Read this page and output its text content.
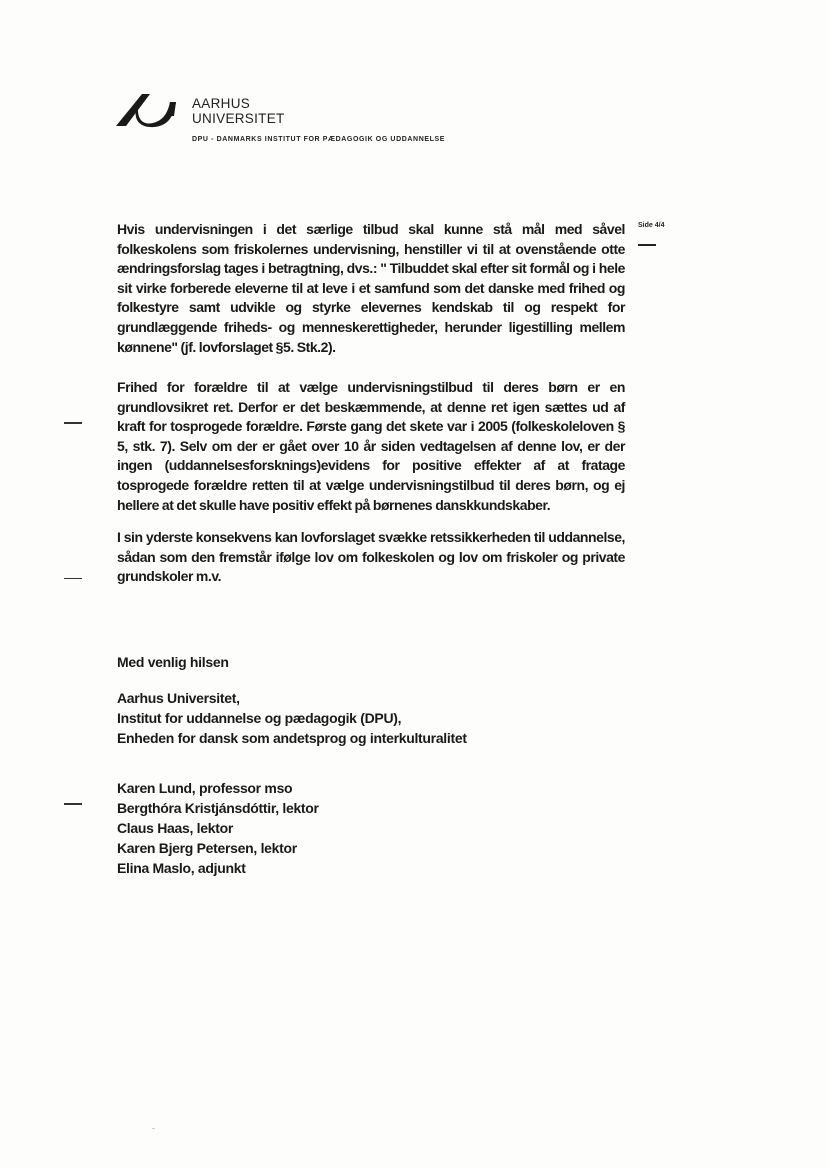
AARHUS
UNIVERSITET
DPU - DANMARKS INSTITUT FOR PÆDAGOGIK OG UDDANNELSE
Side 4/4

Hvis undervisningen i det særlige tilbud skal kunne stå mål med såvel folkeskolens som friskolernes undervisning, henstiller vi til at ovenstående otte ændringsforslag tages i betragtning, dvs.: " Tilbuddet skal efter sit formål og i hele sit virke forberede eleverne til at leve i et samfund som det danske med frihed og folkestyre samt udvikle og styrke elevernes kendskab til og respekt for grundlæggende friheds- og menneskerettigheder, herunder ligestilling mellem kønnene" (jf. lovforslaget §5. Stk.2).

Frihed for forældre til at vælge undervisningstilbud til deres børn er en grundlovsikret ret. Derfor er det beskæmmende, at denne ret igen sættes ud af kraft for tosprogede forældre. Første gang det skete var i 2005 (folkeskoleloven § 5, stk. 7). Selv om der er gået over 10 år siden vedtagelsen af denne lov, er der ingen (uddannelsesforsknings)evidens for positive effekter af at fratage tosprogede forældre retten til at vælge undervisningstilbud til deres børn, og ej hellere at det skulle have positiv effekt på børnenes danskkundskaber.

I sin yderste konsekvens kan lovforslaget svække retssikkerheden til uddannelse, sådan som den fremstår ifølge lov om folkeskolen og lov om friskoler og private grundskoler m.v.

Med venlig hilsen

Aarhus Universitet,
Institut for uddannelse og pædagogik (DPU),
Enheden for dansk som andetsprog og interkulturalitet
Karen Lund, professor mso
Bergthóra Kristjánsdóttir, lektor
Claus Haas, lektor
Karen Bjerg Petersen, lektor
Elina Maslo, adjunkt
